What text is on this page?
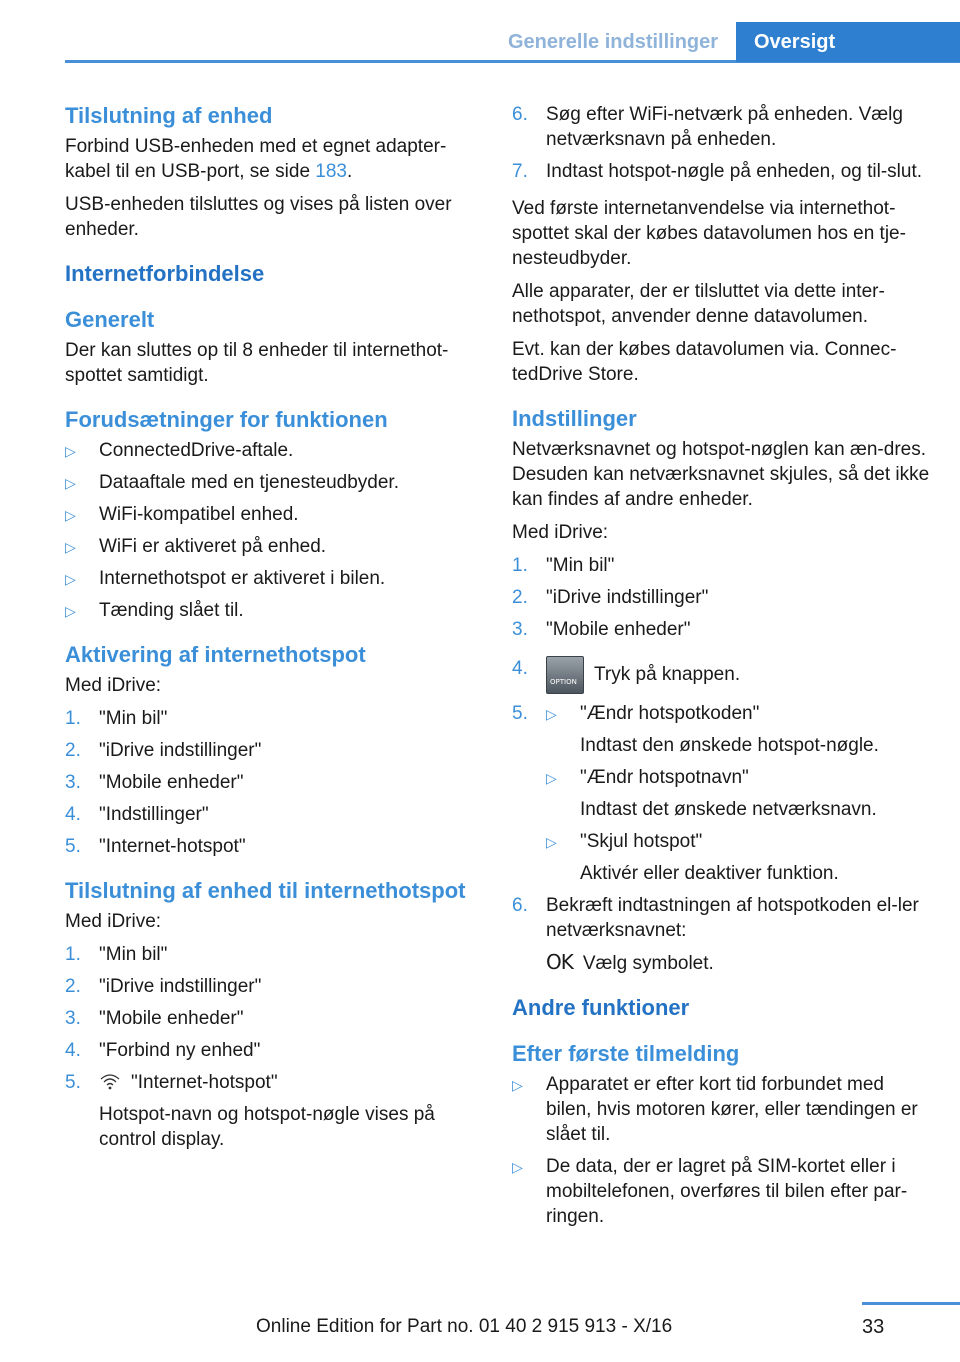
Generelle indstillinger Oversigt
Tilslutning af enhed

Forbind USB-enheden med et egnet adapter‐kabel til en USB-port, se side 183.

USB-enheden tilsluttes og vises på listen over enheder.

Internetforbindelse
Generelt

Der kan sluttes op til 8 enheder til internethot‐spottet samtidigt.

Forudsætninger for funktionen
▷ ConnectedDrive-aftale.
▷ Dataaftale med en tjenesteudbyder.
▷ WiFi-kompatibel enhed.
▷ WiFi er aktiveret på enhed.
▷ Internethotspot er aktiveret i bilen.
▷ Tænding slået til.
Aktivering af internethotspot

Med iDrive:

1. "Min bil"
2. "iDrive indstillinger"
3. "Mobile enheder"
4. "Indstillinger"
5. "Internet-hotspot"
Tilslutning af enhed til internethotspot

Med iDrive:

1. "Min bil"
2. "iDrive indstillinger"
3. "Mobile enheder"
4. "Forbind ny enhed"
5.	"Internet-hotspot"
Hotspot-navn og hotspot-nøgle vises på control display.
6. Søg efter WiFi-netværk på enheden. Vælg netværksnavn på enheden.
7. Indtast hotspot-nøgle på enheden, og til‐slut.

Ved første internetanvendelse via internethot‐spottet skal der købes datavolumen hos en tje‐nesteudbyder.

Alle apparater, der er tilsluttet via dette inter‐nethotspot, anvender denne datavolumen.

Evt. kan der købes datavolumen via. Connec‐tedDrive Store.

Indstillinger

Netværksnavnet og hotspot-nøglen kan æn‐dres. Desuden kan netværksnavnet skjules, så det ikke kan findes af andre enheder.

Med iDrive:

1. "Min bil"
2. "iDrive indstillinger"
3. "Mobile enheder"
4.
OPTION	Tryk på knappen.
5. ▷ "Ændr hotspotkoden"
Indtast den ønskede hotspot-nøgle.
▷ "Ændr hotspotnavn"
Indtast det ønskede netværksnavn.
▷ "Skjul hotspot"
Aktivér eller deaktiver funktion.
6. Bekræft indtastningen af hotspotkoden el‐ler netværksnavnet:
OK Vælg symbolet.
Andre funktioner
Efter første tilmelding
▷ Apparatet er efter kort tid forbundet med bilen, hvis motoren kører, eller tændingen er slået til.
▷ De data, der er lagret på SIM-kortet eller i mobiltelefonen, overføres til bilen efter par‐ringen.
33
Online Edition for Part no. 01 40 2 915 913 - X/16
